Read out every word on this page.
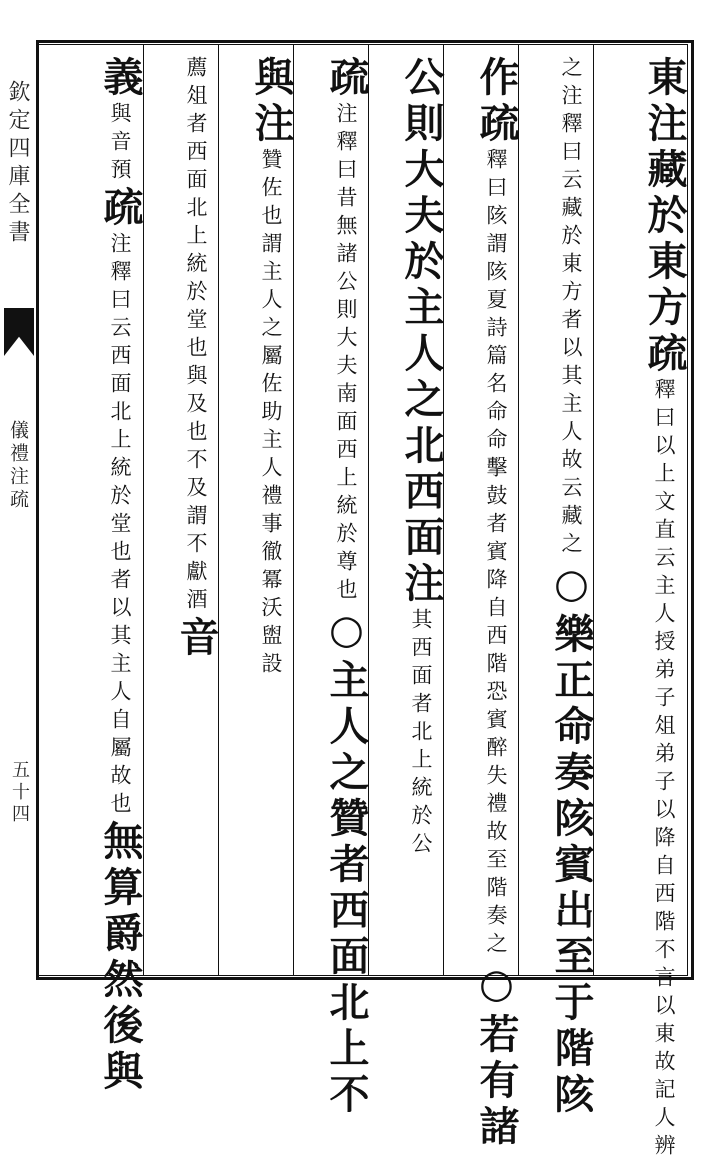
欽定四庫全書
儀禮注疏
五十四
東注藏於東方疏釋曰以上文直云主人授弟子俎弟子以降自西階不言以東故記人辨
之注釋曰云藏於東方者以其主人故云藏之○樂正命奏陔賓出至于階陔
作疏釋曰陔謂陔夏詩篇名命命擊鼓者賓降自西階恐賓醉失禮故至階奏之○若有諸
公則大夫於主人之北西面注其西面者北上統於公
疏注釋曰昔無諸公則大夫南面西上統於尊也○主人之贊者西面北上不
與注贊佐也謂主人之屬佐助主人禮事徹冪沃盥設
薦俎者西面北上統於堂也與及也不及謂不獻酒音
義與音預疏注釋曰云西面北上統於堂也者以其主人自屬故也無算爵然後與
